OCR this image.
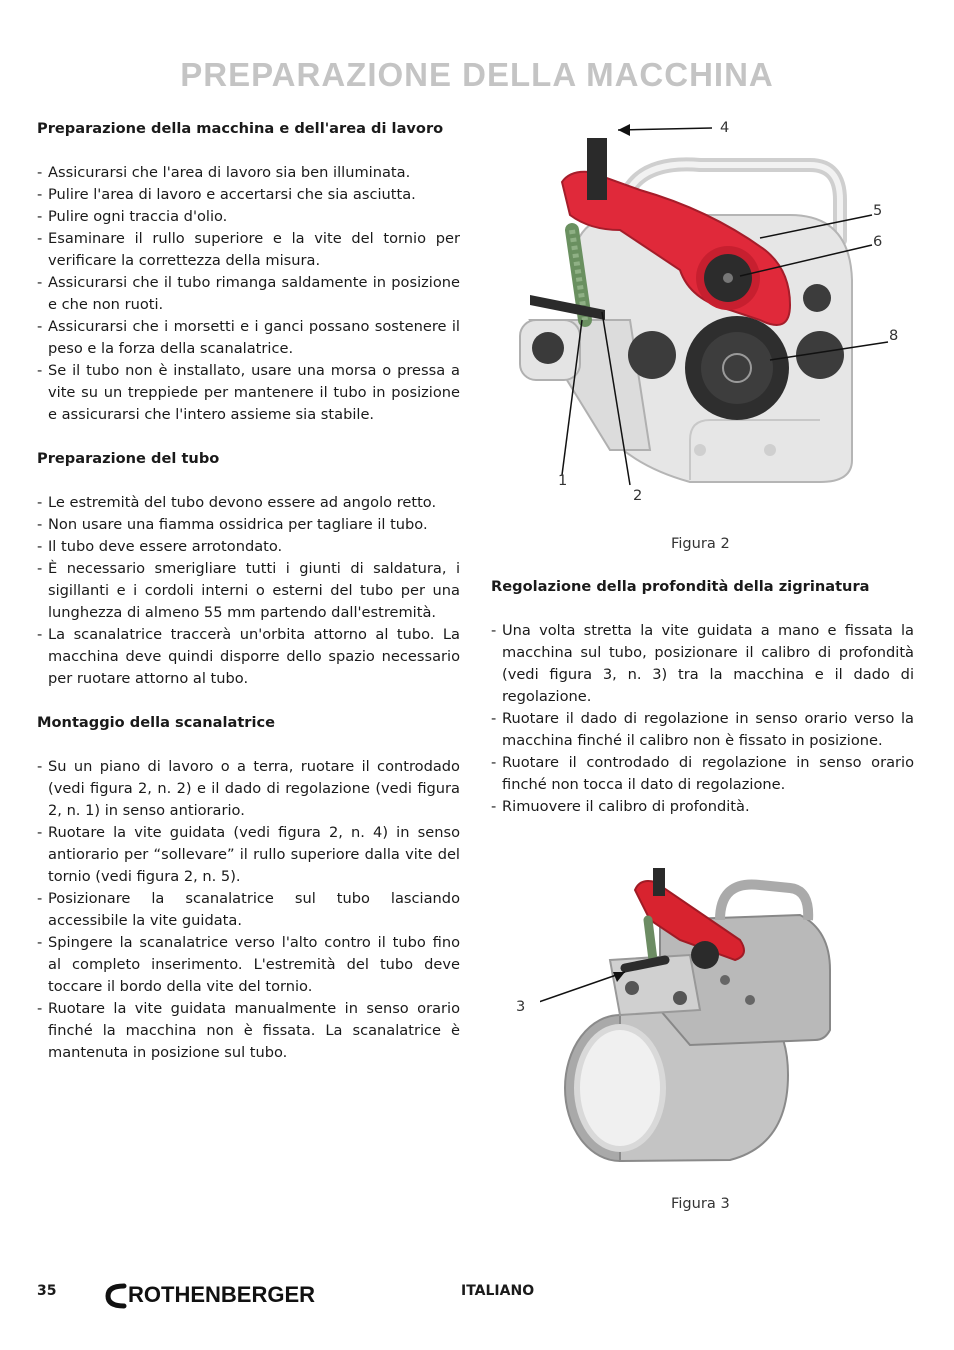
PREPARAZIONE DELLA MACCHINA

Preparazione della macchina e dell'area di lavoro

- Assicurarsi che l'area di lavoro sia ben illuminata.
- Pulire l'area di lavoro e accertarsi che sia asciutta.
- Pulire ogni traccia d'olio.
- Esaminare il rullo superiore e la vite del tornio per verificare la correttezza della misura.
- Assicurarsi che il tubo rimanga saldamente in posizione e che non ruoti.
- Assicurarsi che i morsetti e i ganci possano sostenere il peso e la forza della scanalatrice.
- Se il tubo non è installato, usare una morsa o pressa a vite su un treppiede per mantenere il tubo in posizione e assicurarsi che l'intero assieme sia stabile.

Preparazione del tubo

- Le estremità del tubo devono essere ad angolo retto.
- Non usare una fiamma ossidrica per tagliare il tubo.
- Il tubo deve essere arrotondato.
- È necessario smerigliare tutti i giunti di saldatura, i sigillanti e i cordoli interni o esterni del tubo per una lunghezza di almeno 55 mm partendo dall'estremità.
- La scanalatrice traccerà un'orbita attorno al tubo. La macchina deve quindi disporre dello spazio necessario per ruotare attorno al tubo.

Montaggio della scanalatrice

- Su un piano di lavoro o a terra, ruotare il controdado (vedi figura 2, n. 2) e il dado di regolazione (vedi figura 2, n. 1) in senso antiorario.
- Ruotare la vite guidata (vedi figura 2, n. 4) in senso antiorario per “sollevare” il rullo superiore dalla vite del tornio (vedi figura 2, n. 5).
- Posizionare la scanalatrice sul tubo lasciando accessibile la vite guidata.
- Spingere la scanalatrice verso l'alto contro il tubo fino al completo inserimento. L'estremità del tubo deve toccare il bordo della vite del tornio.
- Ruotare la vite guidata manualmente in senso orario finché la macchina non è fissata. La scanalatrice è mantenuta in posizione sul tubo.
4
5
6
8
1
2
Figura 2

Regolazione della profondità della zigrinatura

- Una volta stretta la vite guidata a mano e fissata la macchina sul tubo, posizionare il calibro di profondità (vedi figura 3, n. 3) tra la macchina e il dado di regolazione.
- Ruotare il dado di regolazione in senso orario verso la macchina finché il calibro non è fissato in posizione.
- Ruotare il controdado di regolazione in senso orario finché non tocca il dato di regolazione.
- Rimuovere il calibro di profondità.
3
Figura 3
35	ROTHENBERGER	ITALIANO
